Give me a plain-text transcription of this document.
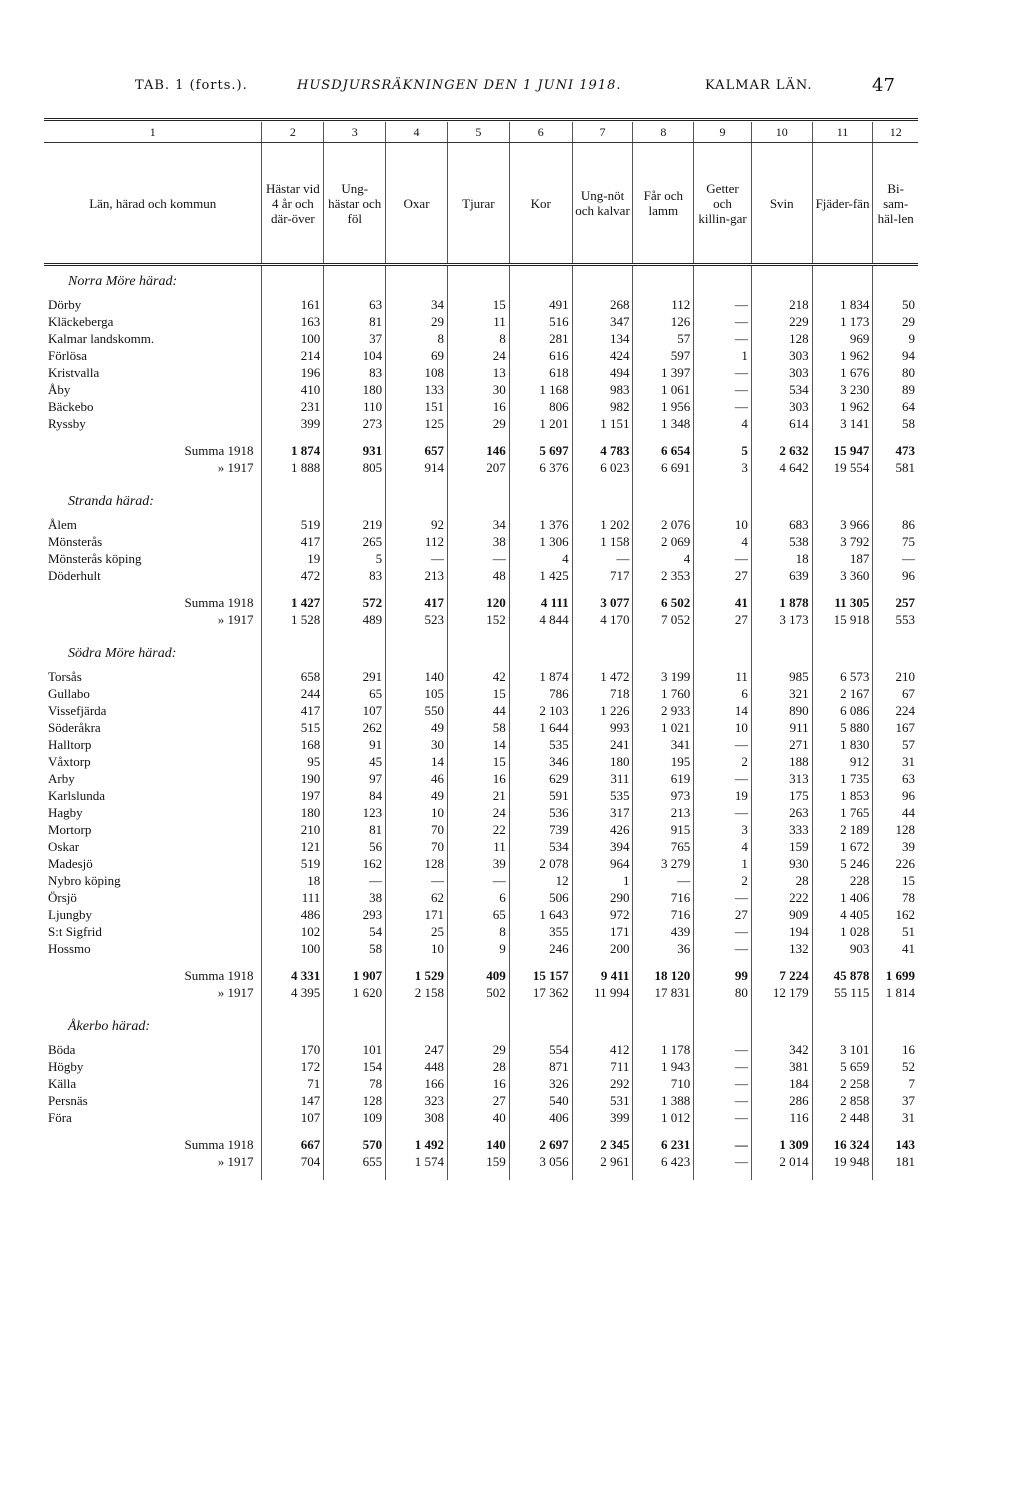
TAB. 1 (forts.).	HUSDJURSRÄKNINGEN DEN 1 JUNI 1918.	KALMAR LÄN.	47
1	2	3	4	5	6	7	8	9	10	11	12
Län, härad och kommun	Hästar vid 4 år och där-över	Ung-hästar och föl	Oxar	Tjurar	Kor	Ung-nöt och kalvar	Får och lamm	Getter och killin-gar	Svin	Fjäder-fän	Bi-sam-häl-len
Norra Möre härad:											
Dörby	161	63	34	15	491	268	112	—	218	1 834	50
Kläckeberga	163	81	29	11	516	347	126	—	229	1 173	29
Kalmar landskomm.	100	37	8	8	281	134	57	—	128	969	9
Förlösa	214	104	69	24	616	424	597	1	303	1 962	94
Kristvalla	196	83	108	13	618	494	1 397	—	303	1 676	80
Åby	410	180	133	30	1 168	983	1 061	—	534	3 230	89
Bäckebo	231	110	151	16	806	982	1 956	—	303	1 962	64
Ryssby	399	273	125	29	1 201	1 151	1 348	4	614	3 141	58

Summa 1918	1 874	931	657	146	5 697	4 783	6 654	5	2 632	15 947	473
» 1917	1 888	805	914	207	6 376	6 023	6 691	3	4 642	19 554	581

Stranda härad:											
Ålem	519	219	92	34	1 376	1 202	2 076	10	683	3 966	86
Mönsterås	417	265	112	38	1 306	1 158	2 069	4	538	3 792	75
Mönsterås köping	19	5	—	—	4	—	4	—	18	187	—
Döderhult	472	83	213	48	1 425	717	2 353	27	639	3 360	96

Summa 1918	1 427	572	417	120	4 111	3 077	6 502	41	1 878	11 305	257
» 1917	1 528	489	523	152	4 844	4 170	7 052	27	3 173	15 918	553

Södra Möre härad:											
Torsås	658	291	140	42	1 874	1 472	3 199	11	985	6 573	210
Gullabo	244	65	105	15	786	718	1 760	6	321	2 167	67
Vissefjärda	417	107	550	44	2 103	1 226	2 933	14	890	6 086	224
Söderåkra	515	262	49	58	1 644	993	1 021	10	911	5 880	167
Halltorp	168	91	30	14	535	241	341	—	271	1 830	57
Våxtorp	95	45	14	15	346	180	195	2	188	912	31
Arby	190	97	46	16	629	311	619	—	313	1 735	63
Karlslunda	197	84	49	21	591	535	973	19	175	1 853	96
Hagby	180	123	10	24	536	317	213	—	263	1 765	44
Mortorp	210	81	70	22	739	426	915	3	333	2 189	128
Oskar	121	56	70	11	534	394	765	4	159	1 672	39
Madesjö	519	162	128	39	2 078	964	3 279	1	930	5 246	226
Nybro köping	18	—	—	—	12	1	—	2	28	228	15
Örsjö	111	38	62	6	506	290	716	—	222	1 406	78
Ljungby	486	293	171	65	1 643	972	716	27	909	4 405	162
S:t Sigfrid	102	54	25	8	355	171	439	—	194	1 028	51
Hossmo	100	58	10	9	246	200	36	—	132	903	41

Summa 1918	4 331	1 907	1 529	409	15 157	9 411	18 120	99	7 224	45 878	1 699
» 1917	4 395	1 620	2 158	502	17 362	11 994	17 831	80	12 179	55 115	1 814

Åkerbo härad:											
Böda	170	101	247	29	554	412	1 178	—	342	3 101	16
Högby	172	154	448	28	871	711	1 943	—	381	5 659	52
Källa	71	78	166	16	326	292	710	—	184	2 258	7
Persnäs	147	128	323	27	540	531	1 388	—	286	2 858	37
Föra	107	109	308	40	406	399	1 012	—	116	2 448	31

Summa 1918	667	570	1 492	140	2 697	2 345	6 231	—	1 309	16 324	143
» 1917	704	655	1 574	159	3 056	2 961	6 423	—	2 014	19 948	181
